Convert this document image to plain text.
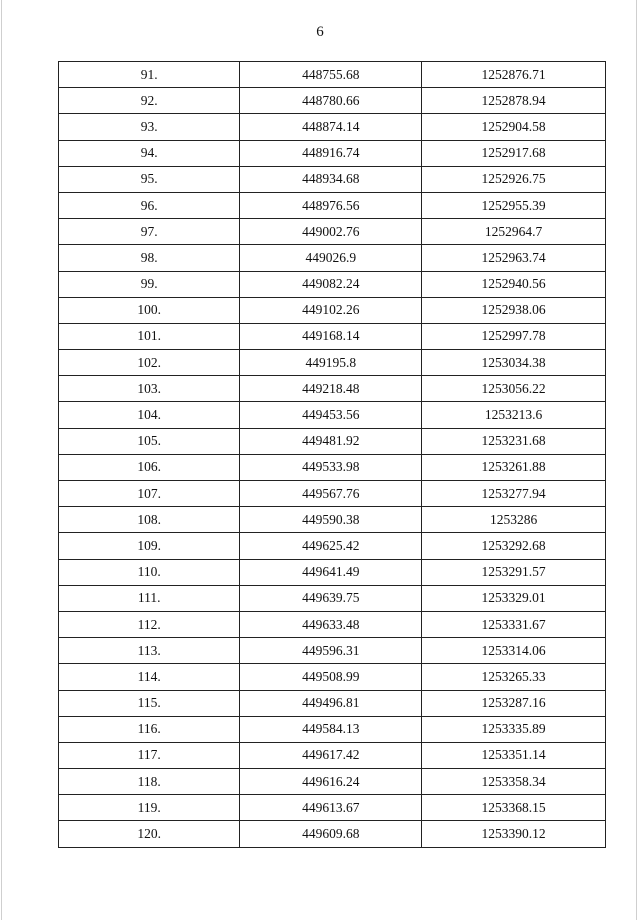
6
91.	448755.68	1252876.71
92.	448780.66	1252878.94
93.	448874.14	1252904.58
94.	448916.74	1252917.68
95.	448934.68	1252926.75
96.	448976.56	1252955.39
97.	449002.76	1252964.7
98.	449026.9	1252963.74
99.	449082.24	1252940.56
100.	449102.26	1252938.06
101.	449168.14	1252997.78
102.	449195.8	1253034.38
103.	449218.48	1253056.22
104.	449453.56	1253213.6
105.	449481.92	1253231.68
106.	449533.98	1253261.88
107.	449567.76	1253277.94
108.	449590.38	1253286
109.	449625.42	1253292.68
110.	449641.49	1253291.57
111.	449639.75	1253329.01
112.	449633.48	1253331.67
113.	449596.31	1253314.06
114.	449508.99	1253265.33
115.	449496.81	1253287.16
116.	449584.13	1253335.89
117.	449617.42	1253351.14
118.	449616.24	1253358.34
119.	449613.67	1253368.15
120.	449609.68	1253390.12
